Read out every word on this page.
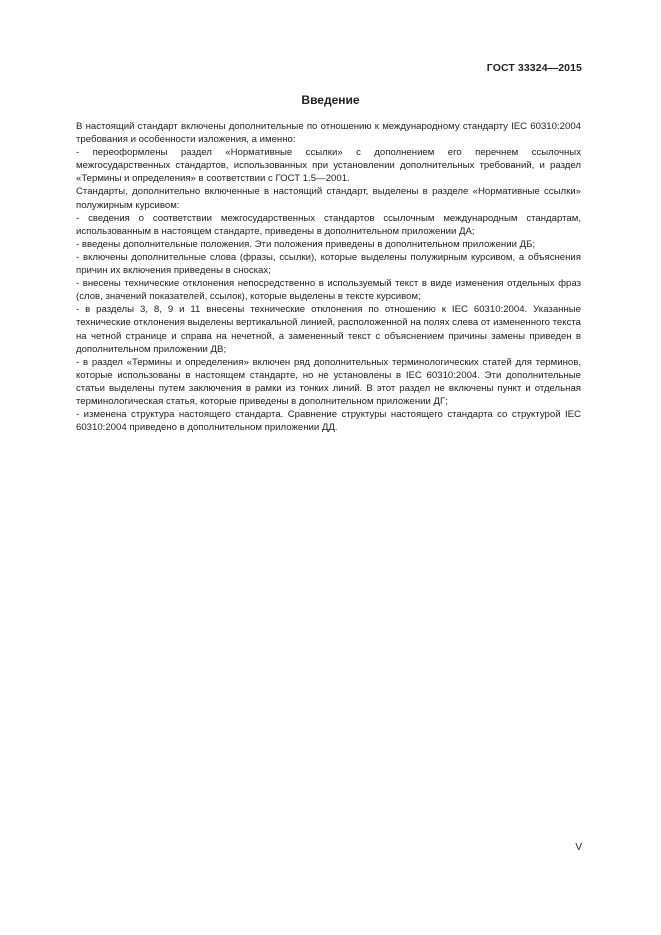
ГОСТ 33324—2015
Введение

В настоящий стандарт включены дополнительные по отношению к международному стандарту IEC 60310:2004 требования и особенности изложения, а именно:

- переоформлены раздел «Нормативные ссылки» с дополнением его перечнем ссылочных межгосударственных стандартов, использованных при установлении дополнительных требований, и раздел «Термины и определения» в соответствии с ГОСТ 1.5—2001.

Стандарты, дополнительно включенные в настоящий стандарт, выделены в разделе «Нормативные ссылки» полужирным курсивом:

- сведения о соответствии межгосударственных стандартов ссылочным международным стандартам, использованным в настоящем стандарте, приведены в дополнительном приложении ДА;

- введены дополнительные положения. Эти положения приведены в дополнительном приложении ДБ;

- включены дополнительные слова (фразы, ссылки), которые выделены полужирным курсивом, а объяснения причин их включения приведены в сносках;

- внесены технические отклонения непосредственно в используемый текст в виде изменения отдельных фраз (слов, значений показателей, ссылок), которые выделены в тексте курсивом;

- в разделы 3, 8, 9 и 11 внесены технические отклонения по отношению к IEC 60310:2004. Указанные технические отклонения выделены вертикальной линией, расположенной на полях слева от измененного текста на четной странице и справа на нечетной, а замененный текст с объяснением причины замены приведен в дополнительном приложении ДВ;

- в раздел «Термины и определения» включен ряд дополнительных терминологических статей для терминов, которые использованы в настоящем стандарте, но не установлены в IEC 60310:2004. Эти дополнительные статьи выделены путем заключения в рамки из тонких линий. В этот раздел не включены пункт и отдельная терминологическая статья, которые приведены в дополнительном приложении ДГ;

- изменена структура настоящего стандарта. Сравнение структуры настоящего стандарта со структурой IEC 60310:2004 приведено в дополнительном приложении ДД.

V
